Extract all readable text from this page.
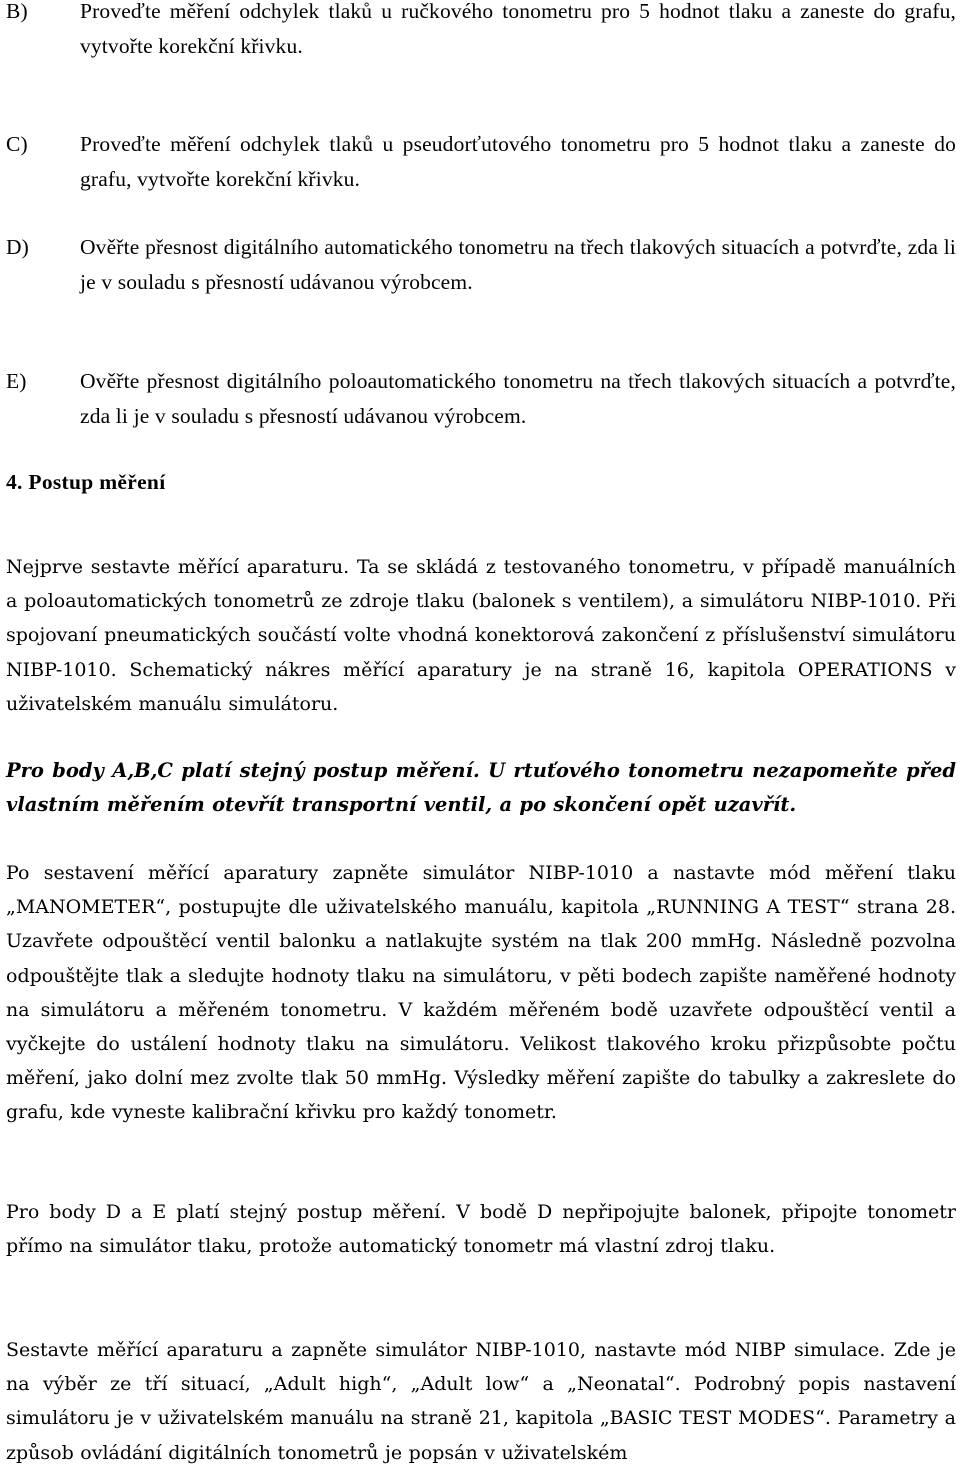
B)	Proveďte měření odchylek tlaků u ručkového tonometru pro 5 hodnot tlaku a zaneste do grafu, vytvořte korekční křivku.
C)	Proveďte měření odchylek tlaků u pseudorťutového tonometru pro 5 hodnot tlaku a zaneste do grafu, vytvořte korekční křivku.
D)	Ověřte přesnost digitálního automatického tonometru na třech tlakových situacích a potvrďte, zda li je v souladu s přesností udávanou výrobcem.
E)	Ověřte přesnost digitálního poloautomatického tonometru na třech tlakových situacích a potvrďte, zda li je v souladu s přesností udávanou výrobcem.
4. Postup měření

Nejprve sestavte měřící aparaturu. Ta se skládá z testovaného tonometru, v případě manuálních a poloautomatických tonometrů ze zdroje tlaku (balonek s ventilem), a simulátoru NIBP-1010. Při spojovaní pneumatických součástí volte vhodná konektorová zakončení z příslušenství simulátoru NIBP-1010. Schematický nákres měřící aparatury je na straně 16, kapitola OPERATIONS v uživatelském manuálu simulátoru.

Pro body A,B,C platí stejný postup měření. U rtuťového tonometru nezapomeňte před vlastním měřením otevřít transportní ventil, a po skončení opět uzavřít.

Po sestavení měřící aparatury zapněte simulátor NIBP-1010 a nastavte mód měření tlaku „MANOMETER“, postupujte dle uživatelského manuálu, kapitola „RUNNING A TEST“ strana 28. Uzavřete odpouštěcí ventil balonku a natlakujte systém na tlak 200 mmHg. Následně pozvolna odpouštějte tlak a sledujte hodnoty tlaku na simulátoru, v pěti bodech zapište naměřené hodnoty na simulátoru a měřeném tonometru. V každém měřeném bodě uzavřete odpouštěcí ventil a vyčkejte do ustálení hodnoty tlaku na simulátoru. Velikost tlakového kroku přizpůsobte počtu měření, jako dolní mez zvolte tlak 50 mmHg. Výsledky měření zapište do tabulky a zakreslete do grafu, kde vyneste kalibrační křivku pro každý tonometr.

Pro body D a E platí stejný postup měření. V bodě D nepřipojujte balonek, připojte tonometr přímo na simulátor tlaku, protože automatický tonometr má vlastní zdroj tlaku.

Sestavte měřící aparaturu a zapněte simulátor NIBP-1010, nastavte mód NIBP simulace. Zde je na výběr ze tří situací, „Adult high“, „Adult low“ a „Neonatal“. Podrobný popis nastavení simulátoru je v uživatelském manuálu na straně 21, kapitola „BASIC TEST MODES“. Parametry a způsob ovládání digitálních tonometrů je popsán v uživatelském
